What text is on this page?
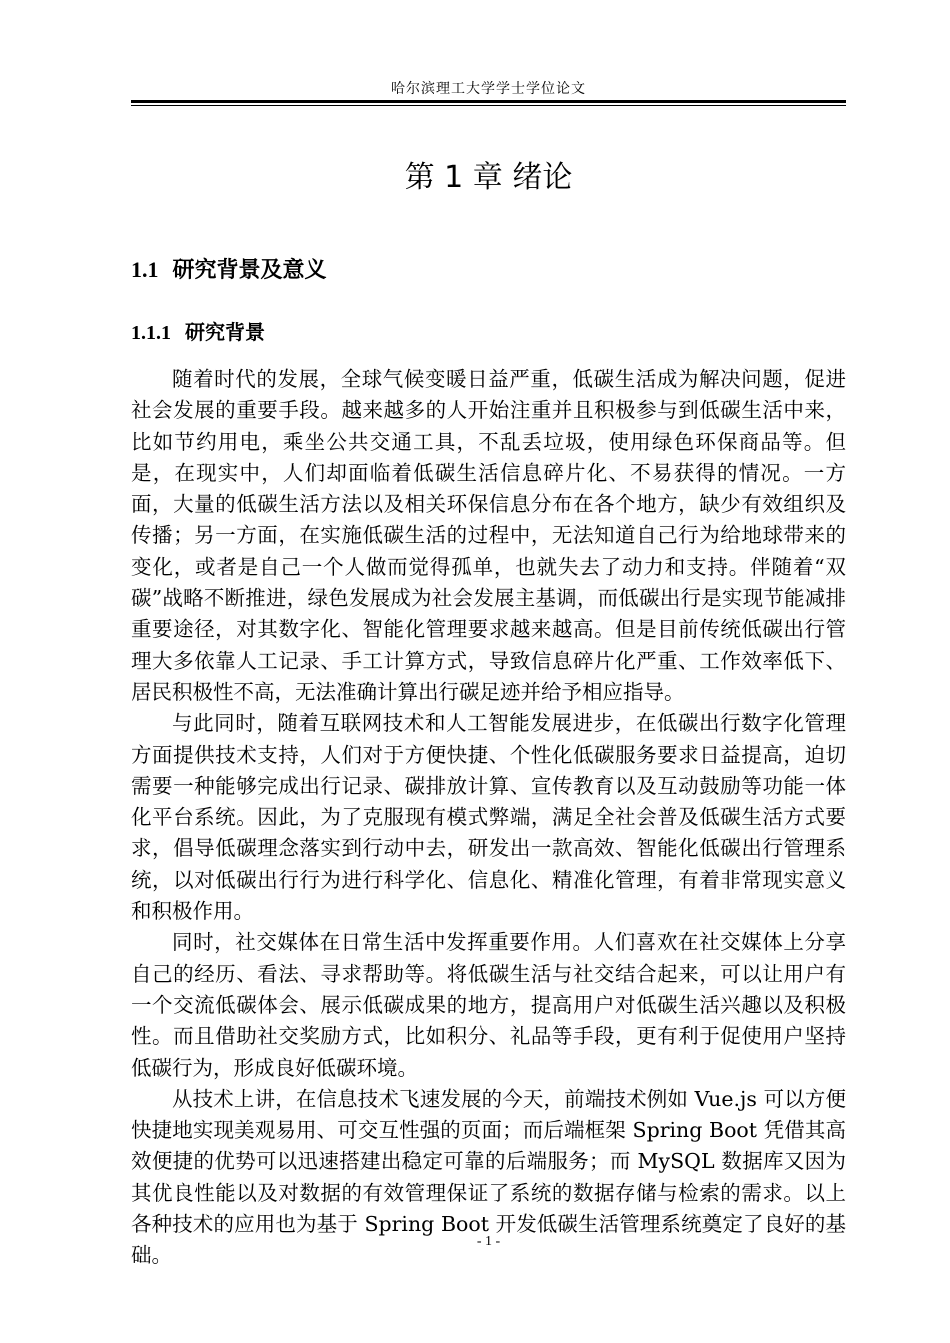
哈尔滨理工大学学士学位论文
第 1 章 绪论
1.1 研究背景及意义
1.1.1 研究背景

随着时代的发展，全球气候变暖日益严重，低碳生活成为解决问题，促进社会发展的重要手段。越来越多的人开始注重并且积极参与到低碳生活中来，比如节约用电，乘坐公共交通工具，不乱丢垃圾，使用绿色环保商品等。但是，在现实中，人们却面临着低碳生活信息碎片化、不易获得的情况。一方面，大量的低碳生活方法以及相关环保信息分布在各个地方，缺少有效组织及传播；另一方面，在实施低碳生活的过程中，无法知道自己行为给地球带来的变化，或者是自己一个人做而觉得孤单，也就失去了动力和支持。伴随着“双碳”战略不断推进，绿色发展成为社会发展主基调，而低碳出行是实现节能减排重要途径，对其数字化、智能化管理要求越来越高。但是目前传统低碳出行管理大多依靠人工记录、手工计算方式，导致信息碎片化严重、工作效率低下、居民积极性不高，无法准确计算出行碳足迹并给予相应指导。

与此同时，随着互联网技术和人工智能发展进步，在低碳出行数字化管理方面提供技术支持，人们对于方便快捷、个性化低碳服务要求日益提高，迫切需要一种能够完成出行记录、碳排放计算、宣传教育以及互动鼓励等功能一体化平台系统。因此，为了克服现有模式弊端，满足全社会普及低碳生活方式要求，倡导低碳理念落实到行动中去，研发出一款高效、智能化低碳出行管理系统，以对低碳出行行为进行科学化、信息化、精准化管理，有着非常现实意义和积极作用。

同时，社交媒体在日常生活中发挥重要作用。人们喜欢在社交媒体上分享自己的经历、看法、寻求帮助等。将低碳生活与社交结合起来，可以让用户有一个交流低碳体会、展示低碳成果的地方，提高用户对低碳生活兴趣以及积极性。而且借助社交奖励方式，比如积分、礼品等手段，更有利于促使用户坚持低碳行为，形成良好低碳环境。

从技术上讲，在信息技术飞速发展的今天，前端技术例如 Vue.js 可以方便快捷地实现美观易用、可交互性强的页面；而后端框架 Spring Boot 凭借其高效便捷的优势可以迅速搭建出稳定可靠的后端服务；而 MySQL 数据库又因为其优良性能以及对数据的有效管理保证了系统的数据存储与检索的需求。以上各种技术的应用也为基于 Spring Boot 开发低碳生活管理系统奠定了良好的基础。

- 1 -
